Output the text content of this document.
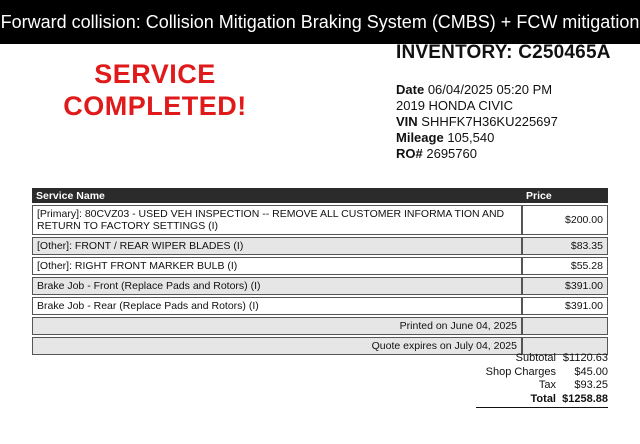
Forward collision: Collision Mitigation Braking System (CMBS) + FCW mitigation
INVENTORY: C250465A
SERVICE
COMPLETED!
Date 06/04/2025 05:20 PM
2019 HONDA CIVIC
VIN SHHFK7H36KU225697
Mileage 105,540
RO# 2695760
Service Name	Price
[Primary]: 80CVZ03 - USED VEH INSPECTION -- REMOVE ALL CUSTOMER INFORMA TION AND RETURN TO FACTORY SETTINGS (I)	$200.00
[Other]: FRONT / REAR WIPER BLADES (I)	$83.35
[Other]: RIGHT FRONT MARKER BULB (I)	$55.28
Brake Job - Front (Replace Pads and Rotors) (I)	$391.00
Brake Job - Rear (Replace Pads and Rotors) (I)	$391.00
Printed on June 04, 2025	
Quote expires on July 04, 2025	
Subtotal $1120.63
Shop Charges	$45.00
Tax	$93.25
Total $1258.88
